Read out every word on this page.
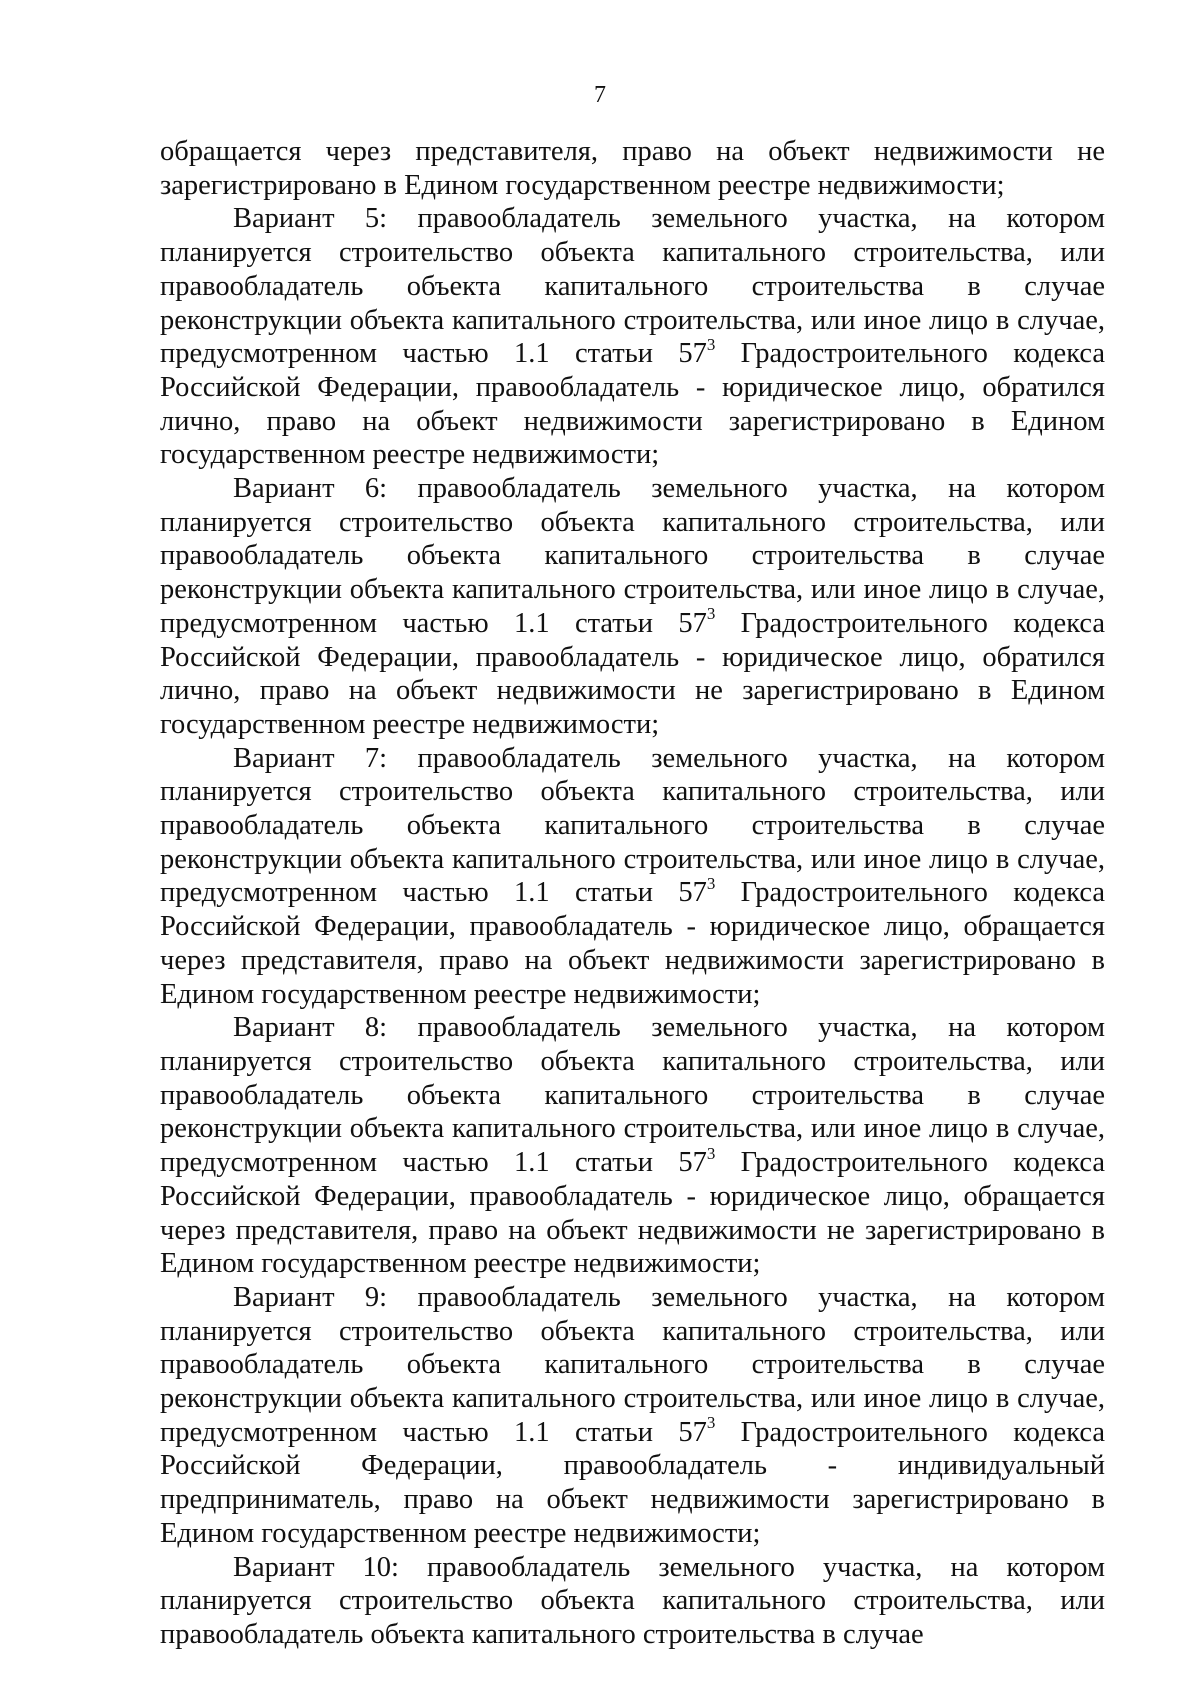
7

обращается через представителя, право на объект недвижимости не зарегистрировано в Едином государственном реестре недвижимости;

Вариант 5: правообладатель земельного участка, на котором планируется строительство объекта капитального строительства, или правообладатель объекта капитального строительства в случае реконструкции объекта капитального строительства, или иное лицо в случае, предусмотренном частью 1.1 статьи $57^3$ Градостроительного кодекса Российской Федерации, правообладатель - юридическое лицо, обратился лично, право на объект недвижимости зарегистрировано в Едином государственном реестре недвижимости;

Вариант 6: правообладатель земельного участка, на котором планируется строительство объекта капитального строительства, или правообладатель объекта капитального строительства в случае реконструкции объекта капитального строительства, или иное лицо в случае, предусмотренном частью 1.1 статьи $57^3$ Градостроительного кодекса Российской Федерации, правообладатель - юридическое лицо, обратился лично, право на объект недвижимости не зарегистрировано в Едином государственном реестре недвижимости;

Вариант 7: правообладатель земельного участка, на котором планируется строительство объекта капитального строительства, или правообладатель объекта капитального строительства в случае реконструкции объекта капитального строительства, или иное лицо в случае, предусмотренном частью 1.1 статьи $57^3$ Градостроительного кодекса Российской Федерации, правообладатель - юридическое лицо, обращается через представителя, право на объект недвижимости зарегистрировано в Едином государственном реестре недвижимости;

Вариант 8: правообладатель земельного участка, на котором планируется строительство объекта капитального строительства, или правообладатель объекта капитального строительства в случае реконструкции объекта капитального строительства, или иное лицо в случае, предусмотренном частью 1.1 статьи $57^3$ Градостроительного кодекса Российской Федерации, правообладатель - юридическое лицо, обращается через представителя, право на объект недвижимости не зарегистрировано в Едином государственном реестре недвижимости;

Вариант 9: правообладатель земельного участка, на котором планируется строительство объекта капитального строительства, или правообладатель объекта капитального строительства в случае реконструкции объекта капитального строительства, или иное лицо в случае, предусмотренном частью 1.1 статьи $57^3$ Градостроительного кодекса Российской Федерации, правообладатель - индивидуальный предприниматель, право на объект недвижимости зарегистрировано в Едином государственном реестре недвижимости;

Вариант 10: правообладатель земельного участка, на котором планируется строительство объекта капитального строительства, или правообладатель объекта капитального строительства в случае
